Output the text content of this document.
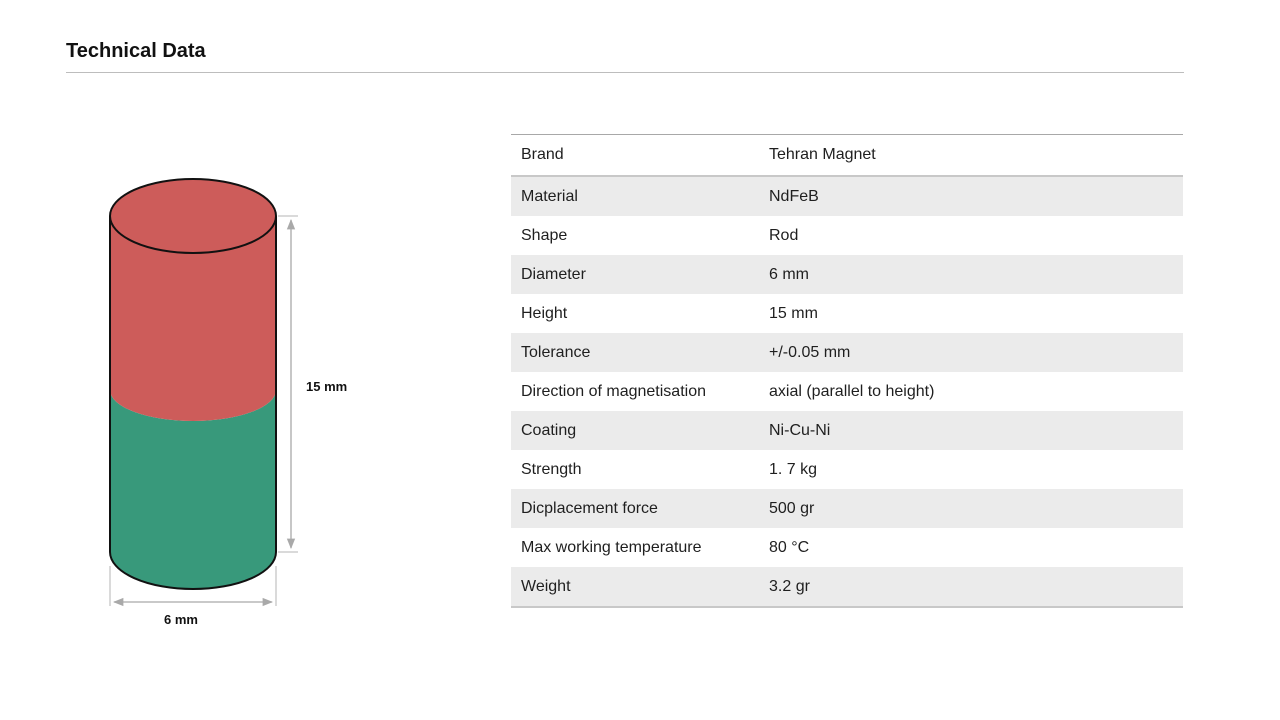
Technical Data
15 mm
6 mm
Brand	Tehran Magnet
Material	NdFeB
Shape	Rod
Diameter	6 mm
Height	15 mm
Tolerance	+/-0.05 mm
Direction of magnetisation	axial (parallel to height)
Coating	Ni-Cu-Ni
Strength	1. 7 kg
Dicplacement force	500 gr
Max working temperature	80 °C
Weight	3.2 gr
